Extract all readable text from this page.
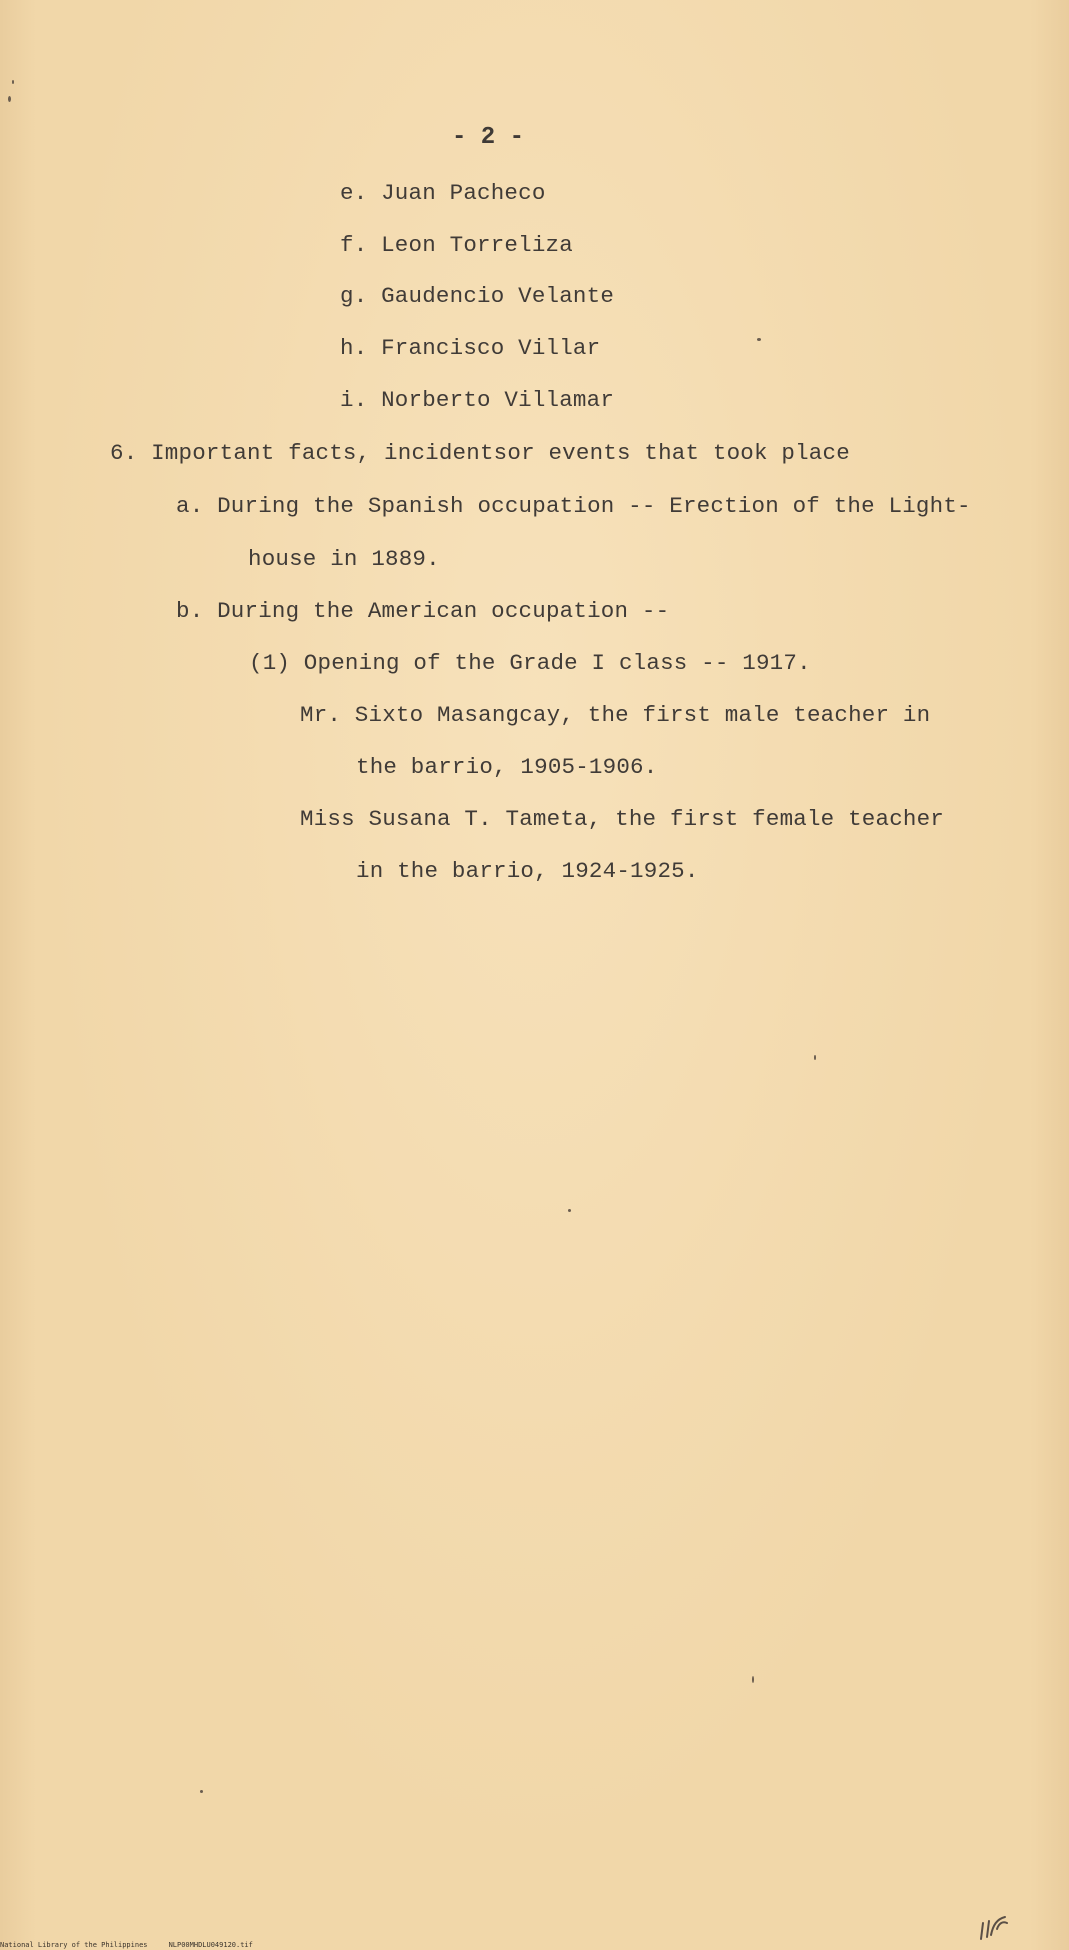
- 2 -
e. Juan Pacheco
f. Leon Torreliza
g. Gaudencio Velante
h. Francisco Villar
i. Norberto Villamar
6. Important facts, incidentsor events that took place
a. During the Spanish occupation -- Erection of the Light-
house in 1889.
b. During the American occupation --
(1) Opening of the Grade I class -- 1917.
Mr. Sixto Masangcay, the first male teacher in
the barrio, 1905-1906.
Miss Susana T. Tameta, the first female teacher
in the barrio, 1924-1925.
National Library of the Philippines     NLP00MHDLU049120.tif
